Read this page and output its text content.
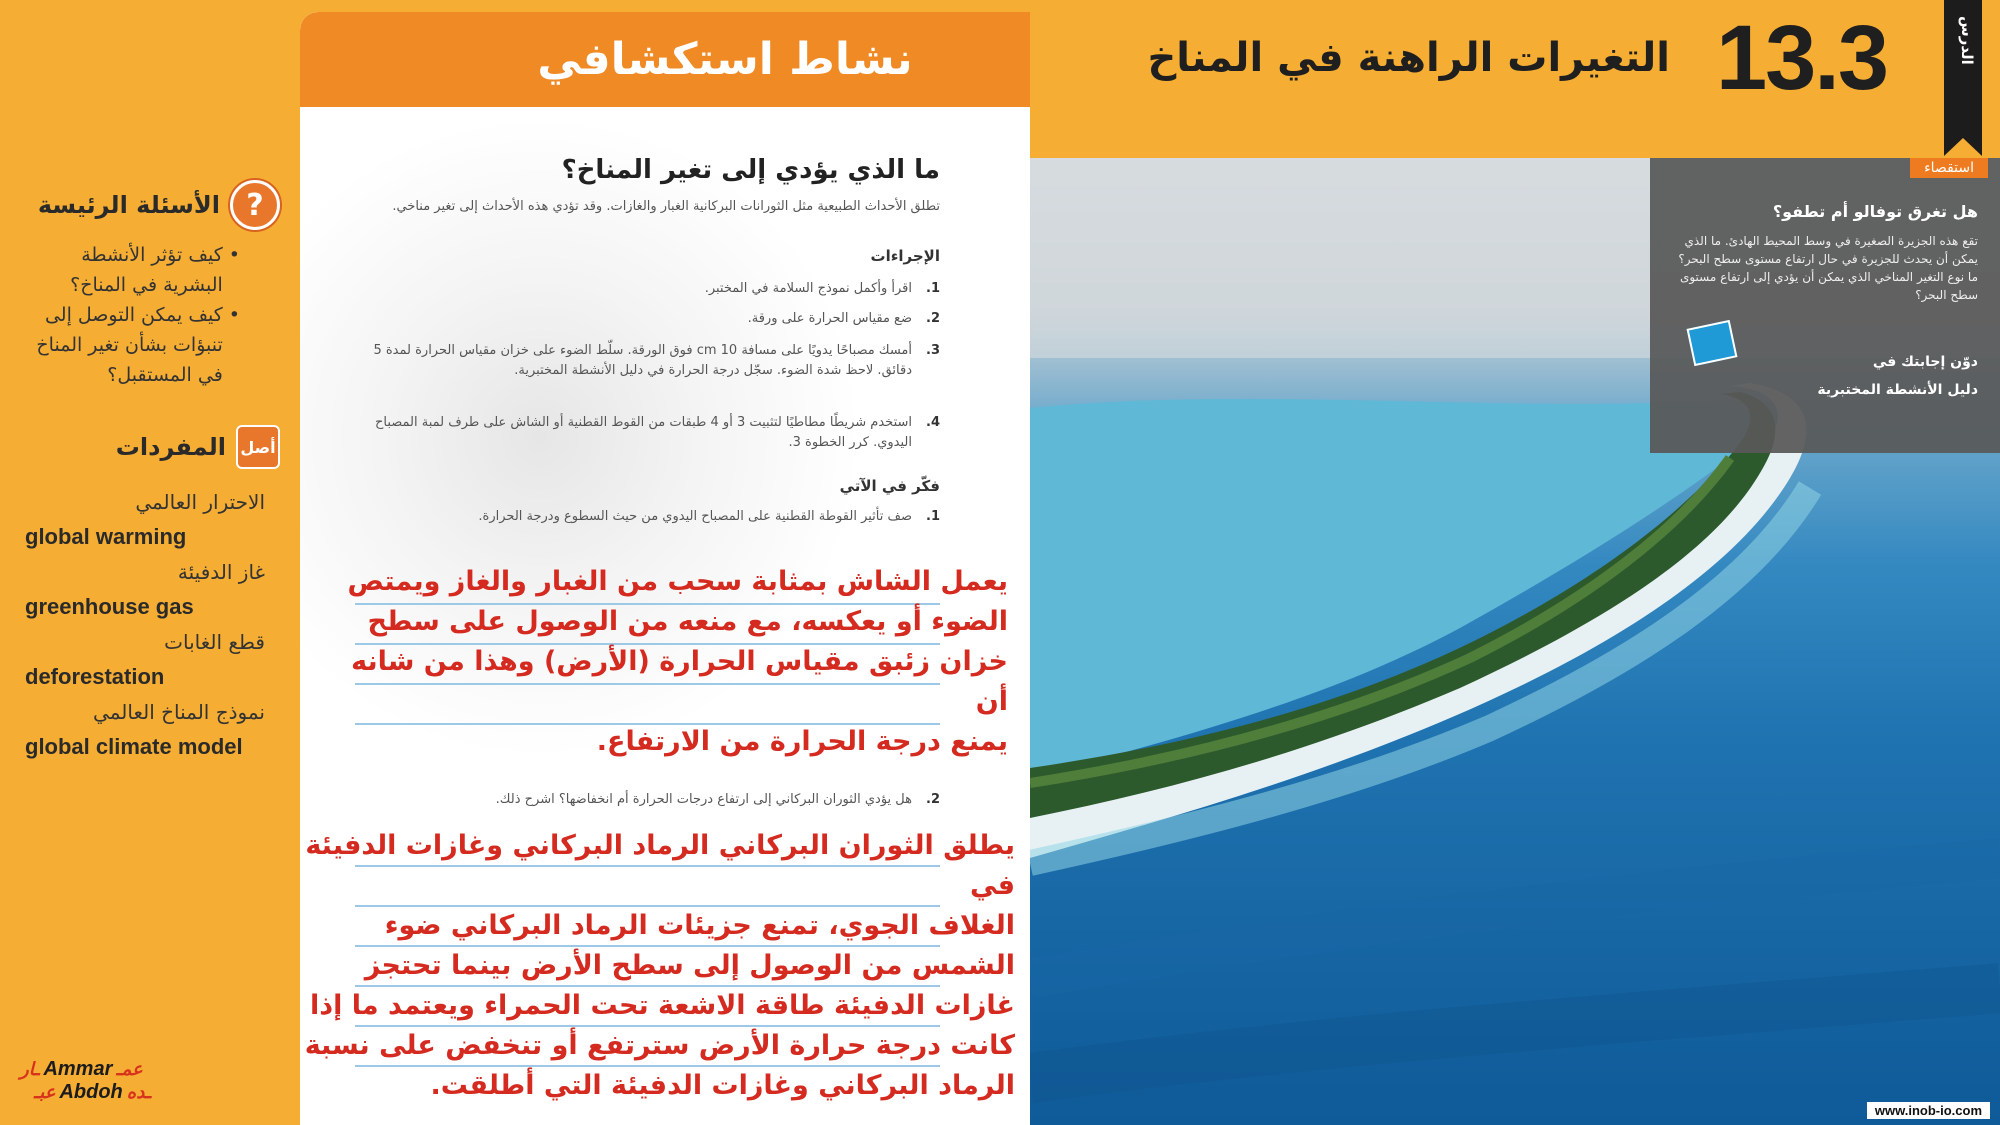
?
الأسئلة الرئيسة
•
كيف تؤثر الأنشطة البشرية في المناخ؟
•
كيف يمكن التوصل إلى تنبؤات بشأن تغير المناخ في المستقبل؟
أصل
المفردات
الاحترار العالمي
global warming
غاز الدفيئة
greenhouse gas
قطع الغابات
deforestation
نموذج المناخ العالمي
global climate model
ـار Ammar عمـ
عبـ Abdoh ـده
نشاط استكشافي
ما الذي يؤدي إلى تغير المناخ؟
تطلق الأحداث الطبيعية مثل الثورانات البركانية الغبار والغازات. وقد تؤدي هذه الأحداث إلى تغير مناخي.
الإجراءات
1.
اقرأ وأكمل نموذج السلامة في المختبر.
2.
ضع مقياس الحرارة على ورقة.
3.
أمسك مصباحًا يدويًا على مسافة 10 cm فوق الورقة. سلّط الضوء على خزان مقياس الحرارة لمدة 5 دقائق. لاحظ شدة الضوء. سجّل درجة الحرارة في دليل الأنشطة المختبرية.
4.
استخدم شريطًا مطاطيًا لتثبيت 3 أو 4 طبقات من القوط القطنية أو الشاش على طرف لمبة المصباح اليدوي. كرر الخطوة 3.
فكّر في الآتي
1.
صف تأثير القوطة القطنية على المصباح اليدوي من حيث السطوع ودرجة الحرارة.
2.
هل يؤدي الثوران البركاني إلى ارتفاع درجات الحرارة أم انخفاضها؟ اشرح ذلك.
يعمل الشاش بمثابة سحب من الغبار والغاز ويمتص
الضوء أو يعكسه، مع منعه من الوصول على سطح
خزان زئبق مقياس الحرارة (الأرض) وهذا من شانه أن
يمنع درجة الحرارة من الارتفاع.
يطلق الثوران البركاني الرماد البركاني وغازات الدفيئة في
الغلاف الجوي، تمنع جزيئات الرماد البركاني ضوء
الشمس من الوصول إلى سطح الأرض بينما تحتجز
غازات الدفيئة طاقة الاشعة تحت الحمراء ويعتمد ما إذا
كانت درجة حرارة الأرض سترتفع أو تنخفض على نسبة
الرماد البركاني وغازات الدفيئة التي أطلقت.
التغيرات الراهنة في المناخ 13.3	الدرس
استقصاء
هل تغرق توفالو أم تطفو؟
تقع هذه الجزيرة الصغيرة في وسط المحيط الهادئ. ما الذي يمكن أن يحدث للجزيرة في حال ارتفاع مستوى سطح البحر؟ ما نوع التغير المناخي الذي يمكن أن يؤدي إلى ارتفاع مستوى سطح البحر؟
دوّن إجابتك في
دليل الأنشطة المختبرية
www.inob-io.com
